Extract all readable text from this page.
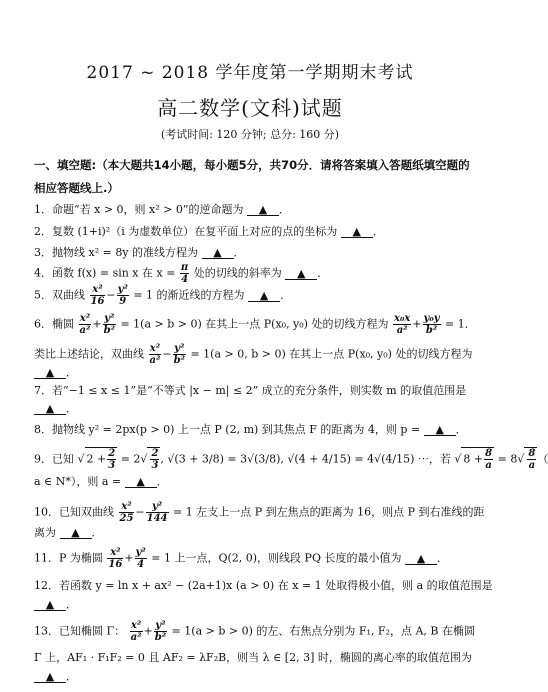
2017 ~ 2018 学年度第一学期期末考试
高二数学(文科)试题
(考试时间: 120 分钟; 总分: 160 分)
一、填空题:（本大题共14小题，每小题5分，共70分．请将答案填入答题纸填空题的
相应答题线上.）
1．命题“若 x > 0，则 x² > 0”的逆命题为 ▲ ．
2．复数 (1+i)²（i 为虚数单位）在复平面上对应的点的坐标为 ▲ ．
3．抛物线 x² = 8y 的准线方程为 ▲ ．
4．函数 f(x) = sin x 在 $x = \frac{\pi}{4}$ 处的切线的斜率为 ▲ ．
5．双曲线 $\frac{\text{x²}}{16} - \frac{\text{y²}}{9} = 1$ 的渐近线的方程为 ▲ ．
6．椭圆 $\frac{\text{x²}}{\text{a²}} + \frac{\text{y²}}{\text{b²}} = 1(a > b > 0)$ 在其上一点 P(x₀, y₀) 处的切线方程为 $\frac{\text{x₀x}}{\text{a²}} + \frac{\text{y₀y}}{\text{b²}} = 1$．
类比上述结论，双曲线 $\frac{\text{x²}}{\text{a²}} - \frac{\text{y²}}{\text{b²}} = 1(a > 0$, b > 0) 在其上一点 P(x₀, y₀) 处的切线方程为
▲ ．
7．若“−1 ≤ x ≤ 1”是“不等式 |x − m| ≤ 2” 成立的充分条件，则实数 m 的取值范围是
▲ ．
8．抛物线 y² = 2px(p > 0) 上一点 P (2, m) 到其焦点 F 的距离为 4，则 p = ▲ ．
9．已知 √ $2 + \frac{2}{3} = 2√ \frac{2}{3}$ , √(3 + 3/8) = 3√(3/8), √(4 + 4/15) = 4√(4/15) ⋯，若 √ $8 + \frac{8}{a} = 8√ \frac{8}{a}$ （
a ∈ N*），则 a = ▲ ．
10．已知双曲线 $\frac{\text{x²}}{25} - \frac{\text{y²}}{144} = 1$ 左支上一点 P 到左焦点的距离为 16，则点 P 到右准线的距
离为 ▲ ．
11．P 为椭圆 $\frac{\text{x²}}{16} + \frac{\text{y²}}{4} = 1$ 上一点，Q(2, 0)，则线段 PQ 长度的最小值为 ▲ ．
12．若函数 y = ln x + ax² − (2a+1)x (a > 0) 在 x = 1 处取得极小值，则 a 的取值范围是
▲ ．
13．已知椭圆 Γ： $\frac{\text{x²}}{\text{a²}} + \frac{\text{y²}}{\text{b²}} = 1(a > b > 0)$ 的左、右焦点分别为 F₁, F₂，点 A, B 在椭圆
Γ 上，AF₁ · F₁F₂ = 0 且 AF₂ = λF₂B，则当 λ ∈ [2, 3] 时，椭圆的离心率的取值范围为
▲ ．
